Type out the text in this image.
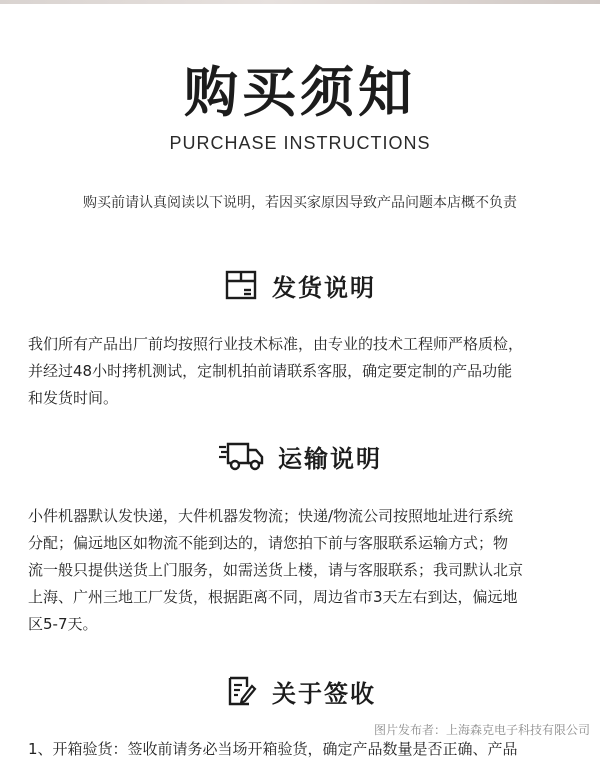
购买须知
PURCHASE INSTRUCTIONS
购买前请认真阅读以下说明，若因买家原因导致产品问题本店概不负责
发货说明
我们所有产品出厂前均按照行业技术标准，由专业的技术工程师严格质检，
并经过48小时拷机测试，定制机拍前请联系客服，确定要定制的产品功能
和发货时间。
运输说明
小件机器默认发快递，大件机器发物流；快递/物流公司按照地址进行系统
分配；偏远地区如物流不能到达的，请您拍下前与客服联系运输方式；物
流一般只提供送货上门服务，如需送货上楼，请与客服联系；我司默认北京
上海、广州三地工厂发货，根据距离不同，周边省市3天左右到达，偏远地
区5-7天。
关于签收
1、开箱验货：签收前请务必当场开箱验货，确定产品数量是否正确、产品
图片发布者：上海森克电子科技有限公司
